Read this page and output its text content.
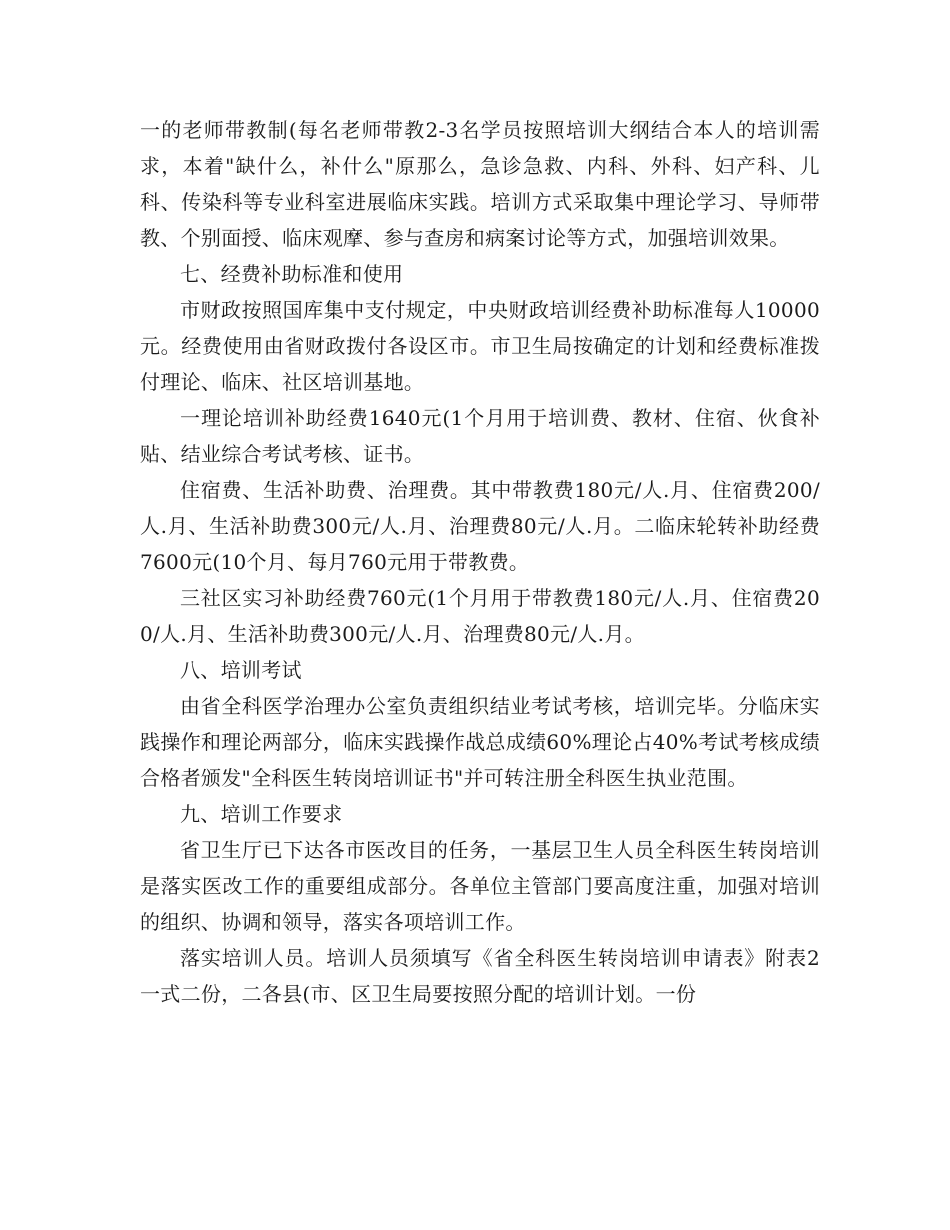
一的老师带教制(每名老师带教2-3名学员按照培训大纲结合本人的培训需求，本着"缺什么，补什么"原那么，急诊急救、内科、外科、妇产科、儿科、传染科等专业科室进展临床实践。培训方式采取集中理论学习、导师带教、个别面授、临床观摩、参与查房和病案讨论等方式，加强培训效果。

七、经费补助标准和使用

市财政按照国库集中支付规定，中央财政培训经费补助标准每人10000元。经费使用由省财政拨付各设区市。市卫生局按确定的计划和经费标准拨付理论、临床、社区培训基地。

一理论培训补助经费1640元(1个月用于培训费、教材、住宿、伙食补贴、结业综合考试考核、证书。

住宿费、生活补助费、治理费。其中带教费180元/人.月、住宿费200/人.月、生活补助费300元/人.月、治理费80元/人.月。二临床轮转补助经费7600元(10个月、每月760元用于带教费。

三社区实习补助经费760元(1个月用于带教费180元/人.月、住宿费200/人.月、生活补助费300元/人.月、治理费80元/人.月。

八、培训考试

由省全科医学治理办公室负责组织结业考试考核，培训完毕。分临床实践操作和理论两部分，临床实践操作战总成绩60%理论占40%考试考核成绩合格者颁发"全科医生转岗培训证书"并可转注册全科医生执业范围。

九、培训工作要求

省卫生厅已下达各市医改目的任务，一基层卫生人员全科医生转岗培训是落实医改工作的重要组成部分。各单位主管部门要高度注重，加强对培训的组织、协调和领导，落实各项培训工作。

落实培训人员。培训人员须填写《省全科医生转岗培训申请表》附表2一式二份，二各县(市、区卫生局要按照分配的培训计划。一份
